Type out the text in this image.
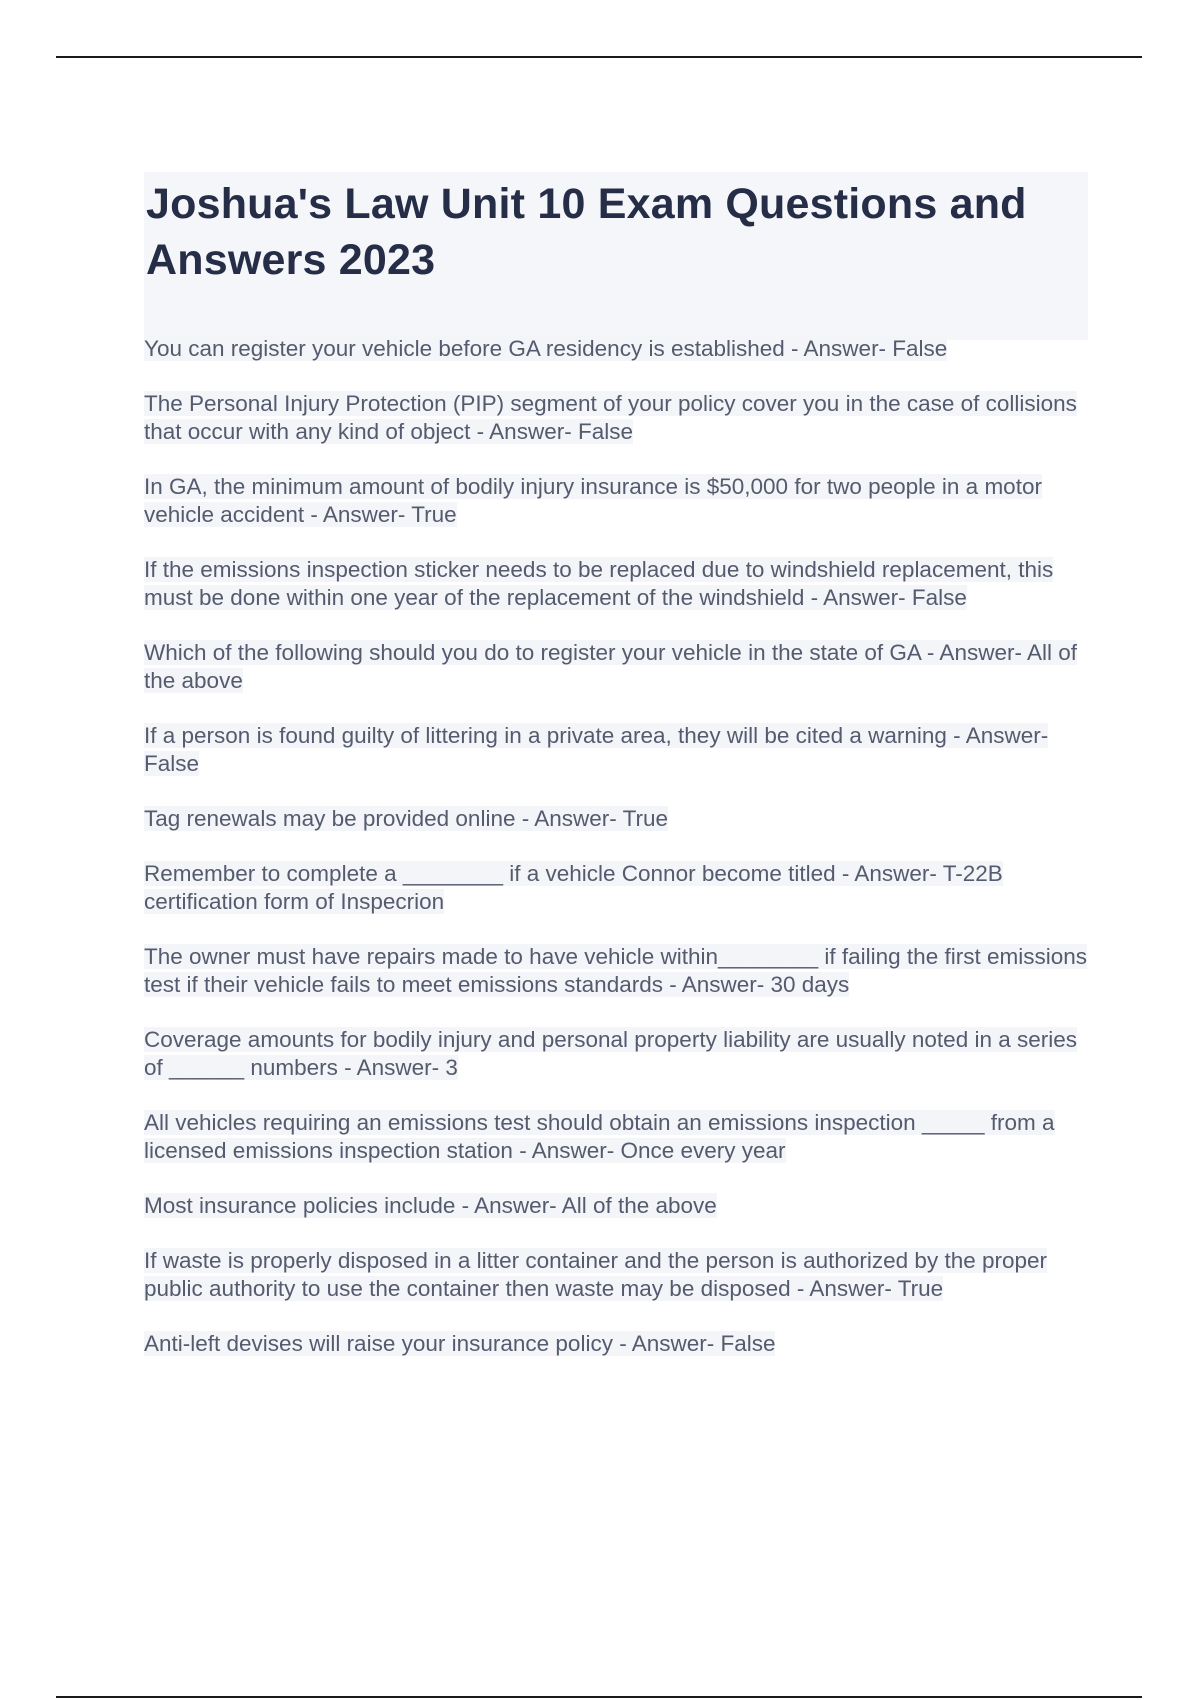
Joshua's Law Unit 10 Exam Questions and Answers 2023

You can register your vehicle before GA residency is established - Answer- False

The Personal Injury Protection (PIP) segment of your policy cover you in the case of collisions that occur with any kind of object - Answer- False

In GA, the minimum amount of bodily injury insurance is $50,000 for two people in a motor vehicle accident - Answer- True

If the emissions inspection sticker needs to be replaced due to windshield replacement, this must be done within one year of the replacement of the windshield - Answer- False

Which of the following should you do to register your vehicle in the state of GA - Answer- All of the above

If a person is found guilty of littering in a private area, they will be cited a warning - Answer- False

Tag renewals may be provided online - Answer- True

Remember to complete a ________ if a vehicle Connor become titled - Answer- T-22B certification form of Inspecrion

The owner must have repairs made to have vehicle within________ if failing the first emissions test if their vehicle fails to meet emissions standards - Answer- 30 days

Coverage amounts for bodily injury and personal property liability are usually noted in a series of ______ numbers - Answer- 3

All vehicles requiring an emissions test should obtain an emissions inspection _____ from a licensed emissions inspection station - Answer- Once every year

Most insurance policies include - Answer- All of the above

If waste is properly disposed in a litter container and the person is authorized by the proper public authority to use the container then waste may be disposed - Answer- True

Anti-left devises will raise your insurance policy - Answer- False
